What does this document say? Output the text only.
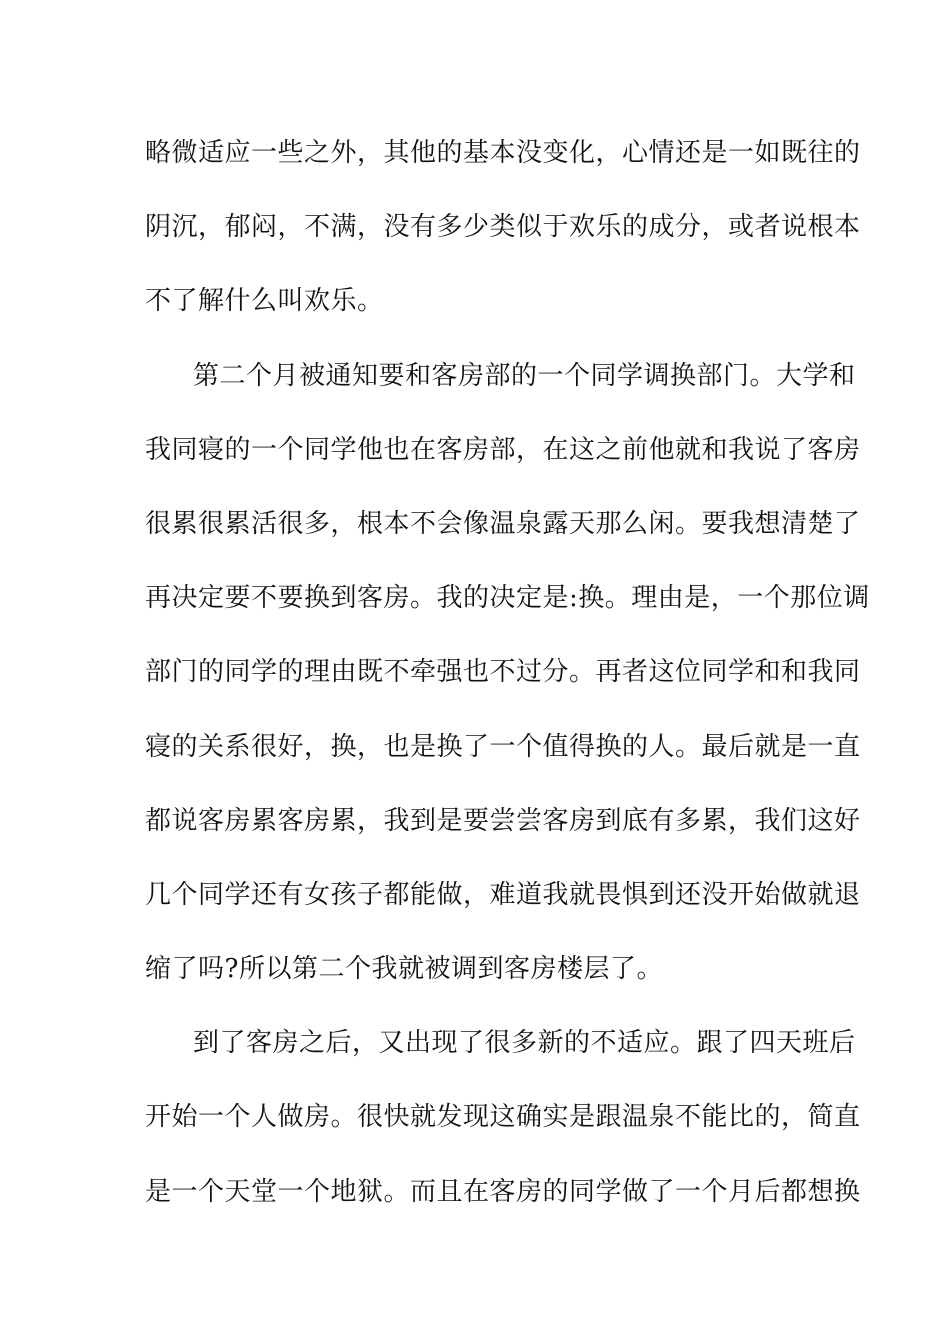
略微适应一些之外，其他的基本没变化，心情还是一如既往的
阴沉，郁闷，不满，没有多少类似于欢乐的成分，或者说根本
不了解什么叫欢乐。
第二个月被通知要和客房部的一个同学调换部门。大学和
我同寝的一个同学他也在客房部，在这之前他就和我说了客房
很累很累活很多，根本不会像温泉露天那么闲。要我想清楚了
再决定要不要换到客房。我的决定是:换。理由是，一个那位调
部门的同学的理由既不牵强也不过分。再者这位同学和和我同
寝的关系很好，换，也是换了一个值得换的人。最后就是一直
都说客房累客房累，我到是要尝尝客房到底有多累，我们这好
几个同学还有女孩子都能做，难道我就畏惧到还没开始做就退
缩了吗?所以第二个我就被调到客房楼层了。
到了客房之后，又出现了很多新的不适应。跟了四天班后
开始一个人做房。很快就发现这确实是跟温泉不能比的，简直
是一个天堂一个地狱。而且在客房的同学做了一个月后都想换
